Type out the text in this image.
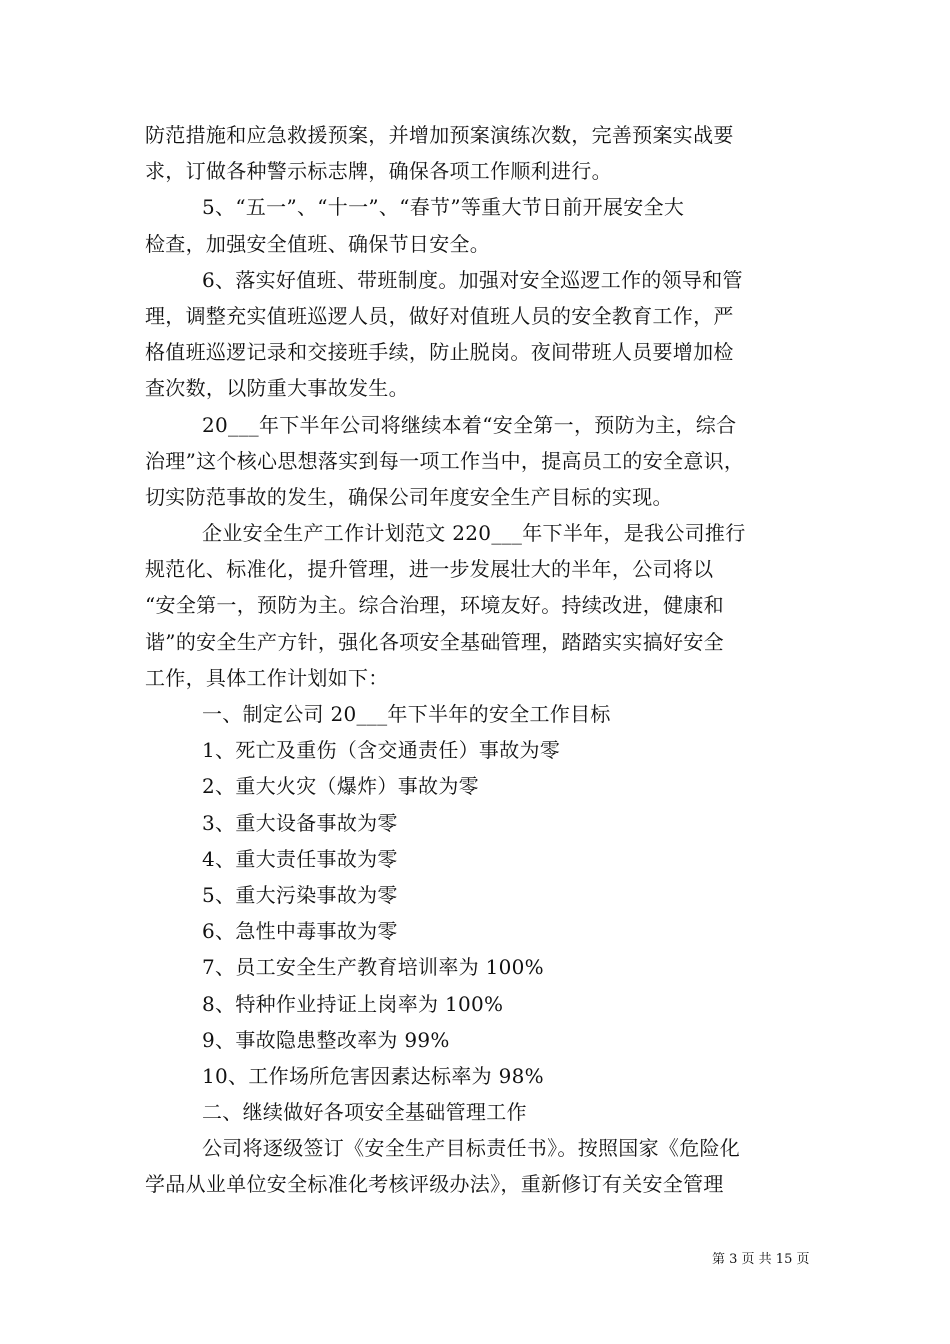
防范措施和应急救援预案，并增加预案演练次数，完善预案实战要
求，订做各种警示标志牌，确保各项工作顺利进行。
5、“五一”、“十一”、“春节”等重大节日前开展安全大
检查，加强安全值班、确保节日安全。
6、落实好值班、带班制度。加强对安全巡逻工作的领导和管
理，调整充实值班巡逻人员，做好对值班人员的安全教育工作，严
格值班巡逻记录和交接班手续，防止脱岗。夜间带班人员要增加检
查次数，以防重大事故发生。
20___年下半年公司将继续本着“安全第一，预防为主，综合
治理”这个核心思想落实到每一项工作当中，提高员工的安全意识，
切实防范事故的发生，确保公司年度安全生产目标的实现。
企业安全生产工作计划范文 220___年下半年，是我公司推行
规范化、标准化，提升管理，进一步发展壮大的半年，公司将以
“安全第一，预防为主。综合治理，环境友好。持续改进，健康和
谐”的安全生产方针，强化各项安全基础管理，踏踏实实搞好安全
工作，具体工作计划如下：
一、制定公司 20___年下半年的安全工作目标
1、死亡及重伤（含交通责任）事故为零
2、重大火灾（爆炸）事故为零
3、重大设备事故为零
4、重大责任事故为零
5、重大污染事故为零
6、急性中毒事故为零
7、员工安全生产教育培训率为 100%
8、特种作业持证上岗率为 100%
9、事故隐患整改率为 99%
10、工作场所危害因素达标率为 98%
二、继续做好各项安全基础管理工作
公司将逐级签订《安全生产目标责任书》。按照国家《危险化
学品从业单位安全标准化考核评级办法》，重新修订有关安全管理
第 3 页 共 15 页
